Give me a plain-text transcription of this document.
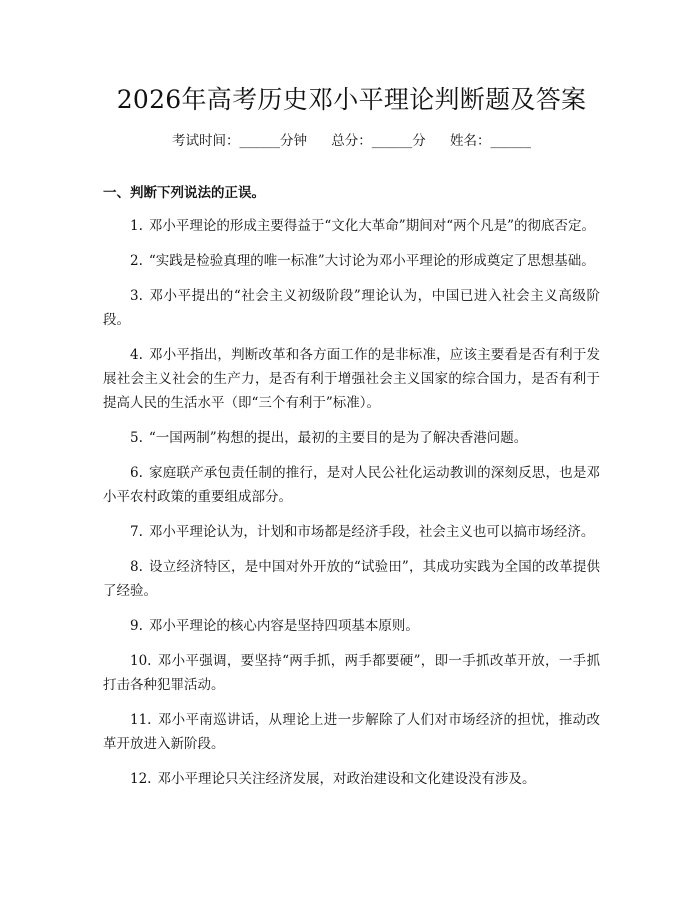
2026年高考历史邓小平理论判断题及答案
考试时间：______分钟 总分：______分 姓名：______
一、判断下列说法的正误。
1. 邓小平理论的形成主要得益于“文化大革命”期间对“两个凡是”的彻底否定。
2. “实践是检验真理的唯一标准”大讨论为邓小平理论的形成奠定了思想基础。
3. 邓小平提出的“社会主义初级阶段”理论认为，中国已进入社会主义高级阶段。
4. 邓小平指出，判断改革和各方面工作的是非标准，应该主要看是否有利于发展社会主义社会的生产力，是否有利于增强社会主义国家的综合国力，是否有利于提高人民的生活水平（即“三个有利于”标准）。
5. “一国两制”构想的提出，最初的主要目的是为了解决香港问题。
6. 家庭联产承包责任制的推行，是对人民公社化运动教训的深刻反思，也是邓小平农村政策的重要组成部分。
7. 邓小平理论认为，计划和市场都是经济手段，社会主义也可以搞市场经济。
8. 设立经济特区，是中国对外开放的“试验田”，其成功实践为全国的改革提供了经验。
9. 邓小平理论的核心内容是坚持四项基本原则。
10. 邓小平强调，要坚持“两手抓，两手都要硬”，即一手抓改革开放，一手抓打击各种犯罪活动。
11. 邓小平南巡讲话，从理论上进一步解除了人们对市场经济的担忧，推动改革开放进入新阶段。
12. 邓小平理论只关注经济发展，对政治建设和文化建设没有涉及。
